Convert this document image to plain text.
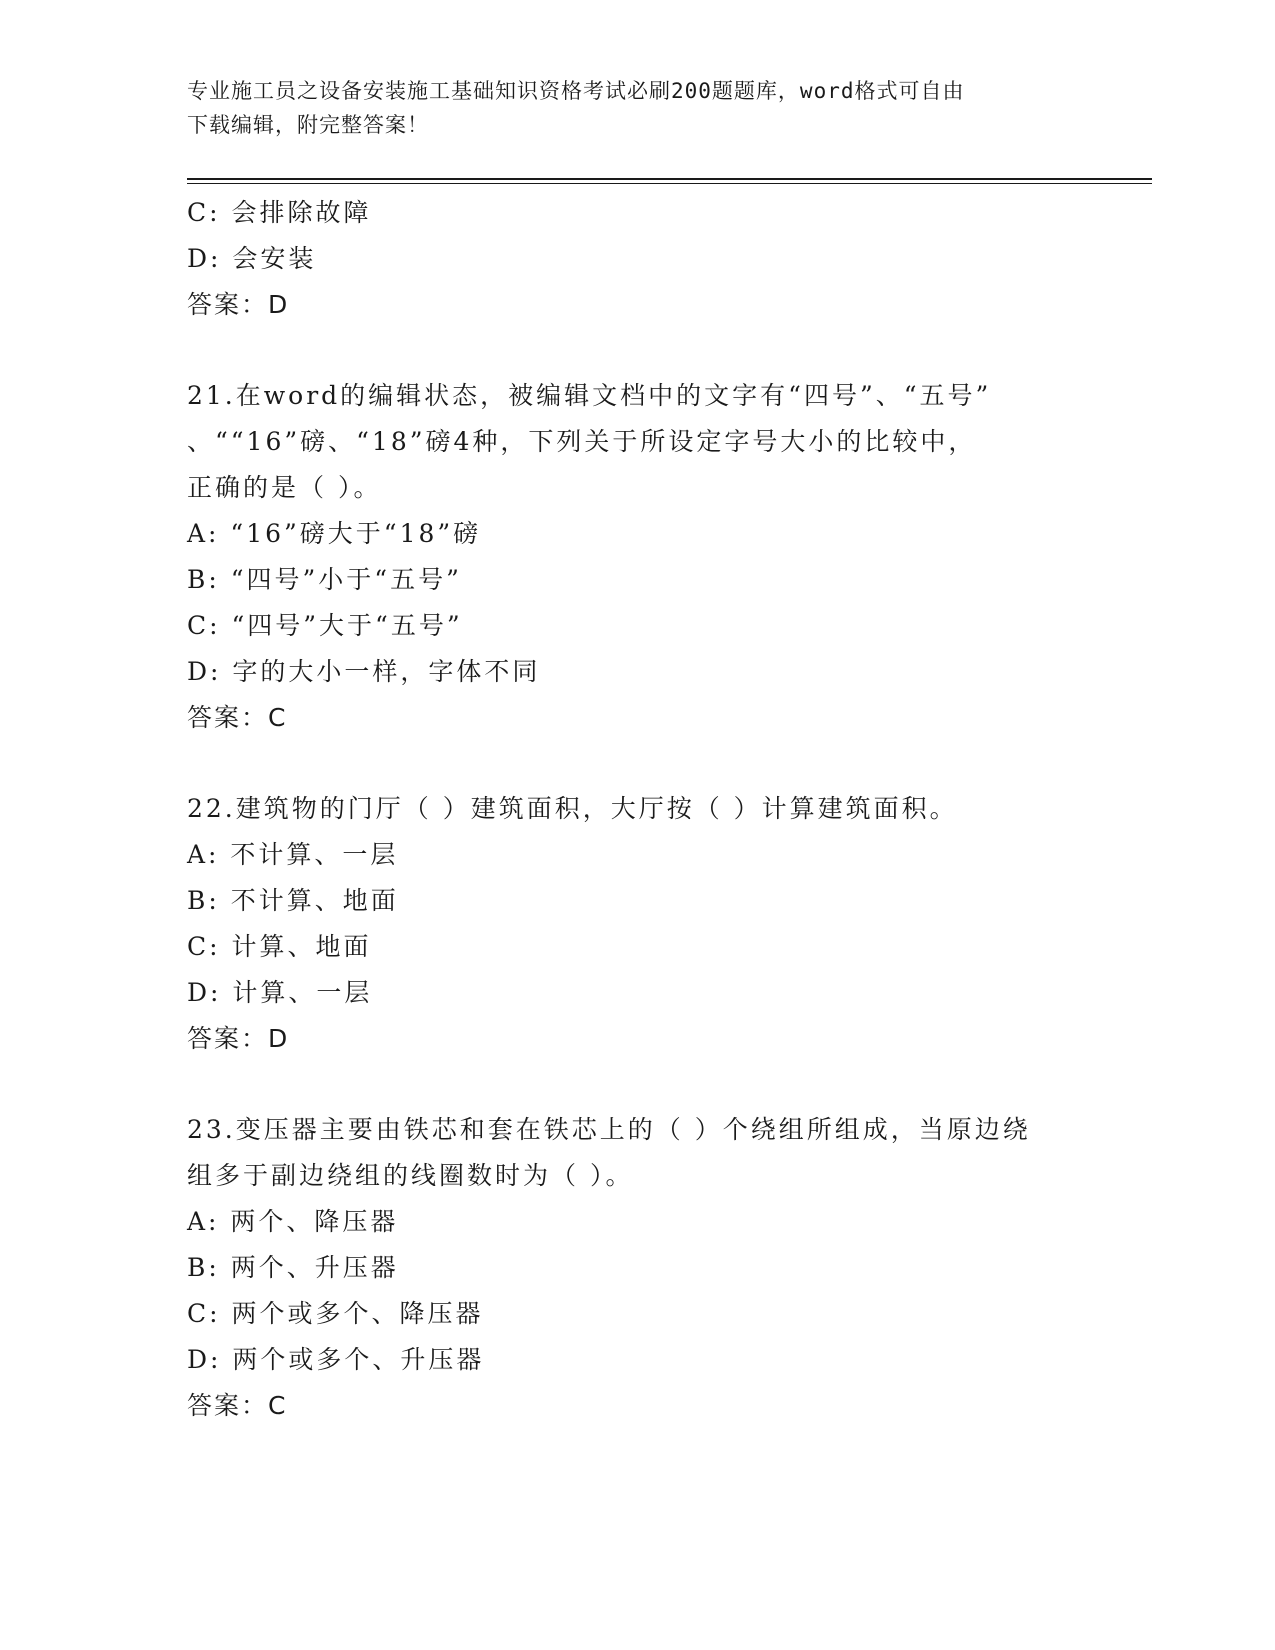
专业施工员之设备安装施工基础知识资格考试必刷200题题库，word格式可自由
下载编辑，附完整答案！
C: 会排除故障
D: 会安装
答案：D
21.在word的编辑状态，被编辑文档中的文字有“四号”、“五号”
、““16”磅、“18”磅4种，下列关于所设定字号大小的比较中，
正确的是（ ）。
A: “16”磅大于“18”磅
B: “四号”小于“五号”
C: “四号”大于“五号”
D: 字的大小一样，字体不同
答案：C
22.建筑物的门厅（ ）建筑面积，大厅按（ ）计算建筑面积。
A: 不计算、一层
B: 不计算、地面
C: 计算、地面
D: 计算、一层
答案：D
23.变压器主要由铁芯和套在铁芯上的（ ）个绕组所组成，当原边绕
组多于副边绕组的线圈数时为（ ）。
A: 两个、降压器
B: 两个、升压器
C: 两个或多个、降压器
D: 两个或多个、升压器
答案：C
